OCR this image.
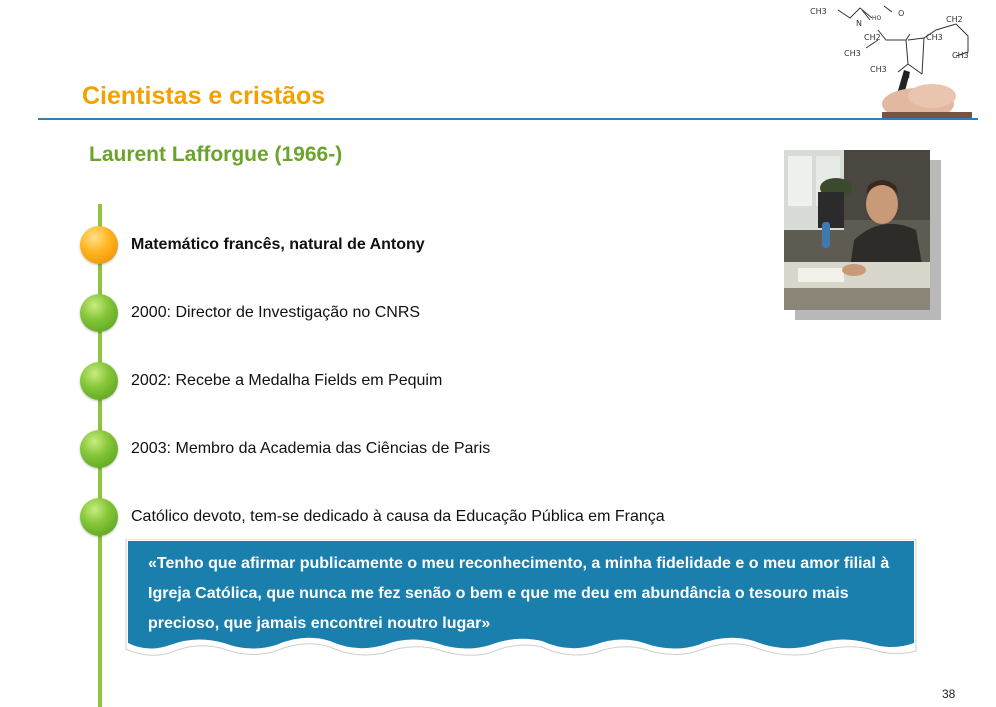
CH3
N
HO
O
CH2
CH2	CH3
CH3	CH3
CH3
Cientistas e cristãos
Laurent Lafforgue (1966-)
Matemático francês, natural de Antony
2000: Director de Investigação no CNRS
2002: Recebe a Medalha Fields em Pequim
2003: Membro da Academia das Ciências de Paris
Católico devoto, tem-se dedicado à causa da Educação Pública em França
«Tenho que afirmar publicamente o meu reconhecimento, a minha fidelidade e o meu amor filial à Igreja Católica, que nunca me fez senão o bem e que me deu em abundância o tesouro mais precioso, que jamais encontrei noutro lugar»
38
